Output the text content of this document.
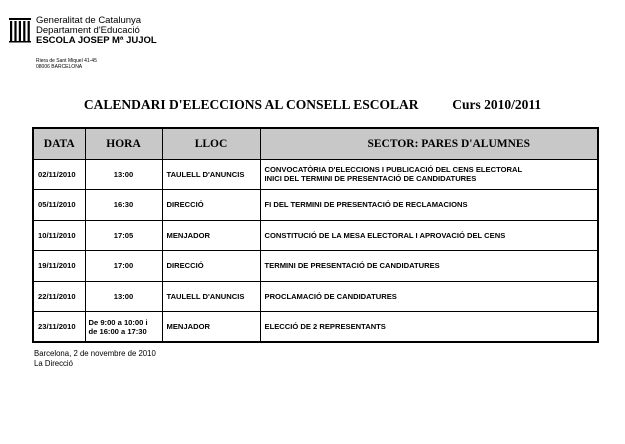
Generalitat de Catalunya
Departament d'Educació
ESCOLA JOSEP Mª JUJOL
Riera de Sant Miquel 41-45
08006 BARCELONA
CALENDARI D'ELECCIONS AL CONSELL ESCOLAR	Curs 2010/2011
DATA	HORA	LLOC	SECTOR: PARES D'ALUMNES
02/11/2010	13:00	TAULELL D'ANUNCIS	CONVOCATÒRIA D'ELECCIONS I PUBLICACIÓ DEL CENS ELECTORAL
INICI DEL TERMINI DE PRESENTACIÓ DE CANDIDATURES

05/11/2010	16:30	DIRECCIÓ	FI DEL TERMINI DE PRESENTACIÓ DE RECLAMACIONS

10/11/2010	17:05	MENJADOR	CONSTITUCIÓ DE LA MESA ELECTORAL I APROVACIÓ DEL CENS

19/11/2010	17:00	DIRECCIÓ	TERMINI DE PRESENTACIÓ DE CANDIDATURES

22/11/2010	13:00	TAULELL D'ANUNCIS	PROCLAMACIÓ DE CANDIDATURES

23/11/2010	De 9:00 a 10:00 i
de 16:00 a 17:30	MENJADOR	ELECCIÓ DE 2 REPRESENTANTS
Barcelona, 2 de novembre de 2010
La Direcció
